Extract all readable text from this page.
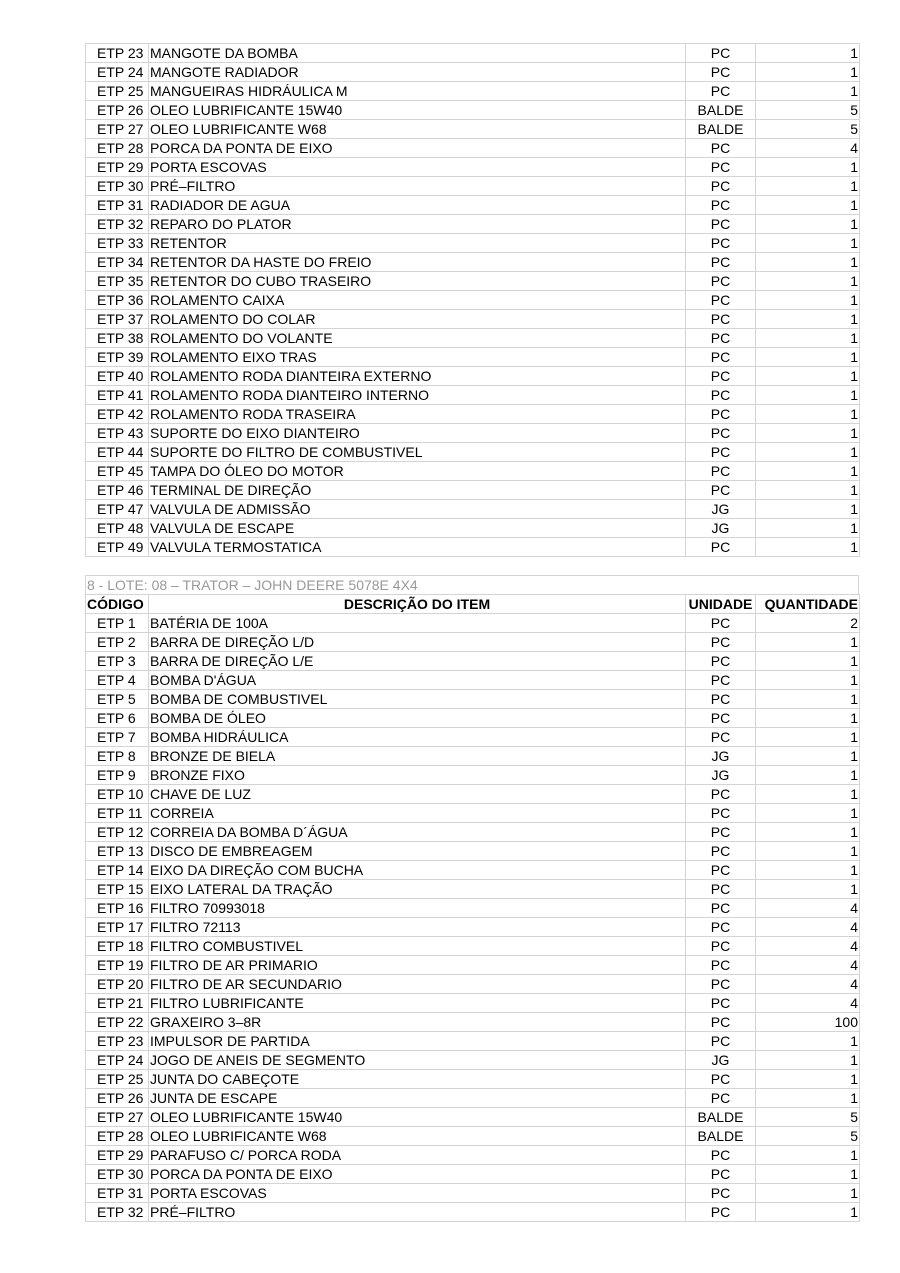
ETP 23	MANGOTE DA BOMBA	PC	1
ETP 24	MANGOTE RADIADOR	PC	1
ETP 25	MANGUEIRAS HIDRÁULICA M	PC	1
ETP 26	OLEO LUBRIFICANTE 15W40	BALDE	5
ETP 27	OLEO LUBRIFICANTE W68	BALDE	5
ETP 28	PORCA DA PONTA DE EIXO	PC	4
ETP 29	PORTA ESCOVAS	PC	1
ETP 30	PRÉ–FILTRO	PC	1
ETP 31	RADIADOR DE AGUA	PC	1
ETP 32	REPARO DO PLATOR	PC	1
ETP 33	RETENTOR	PC	1
ETP 34	RETENTOR DA HASTE DO FREIO	PC	1
ETP 35	RETENTOR DO CUBO TRASEIRO	PC	1
ETP 36	ROLAMENTO CAIXA	PC	1
ETP 37	ROLAMENTO DO COLAR	PC	1
ETP 38	ROLAMENTO DO VOLANTE	PC	1
ETP 39	ROLAMENTO EIXO TRAS	PC	1
ETP 40	ROLAMENTO RODA DIANTEIRA EXTERNO	PC	1
ETP 41	ROLAMENTO RODA DIANTEIRO INTERNO	PC	1
ETP 42	ROLAMENTO RODA TRASEIRA	PC	1
ETP 43	SUPORTE DO EIXO DIANTEIRO	PC	1
ETP 44	SUPORTE DO FILTRO DE COMBUSTIVEL	PC	1
ETP 45	TAMPA DO ÓLEO DO MOTOR	PC	1
ETP 46	TERMINAL DE DIREÇÃO	PC	1
ETP 47	VALVULA DE ADMISSÃO	JG	1
ETP 48	VALVULA DE ESCAPE	JG	1
ETP 49	VALVULA TERMOSTATICA	PC	1
8 - LOTE: 08 – TRATOR – JOHN DEERE 5078E 4X4
CÓDIGO	DESCRIÇÃO DO ITEM	UNIDADE	QUANTIDADE
ETP 1	BATÉRIA DE 100A	PC	2
ETP 2	BARRA DE DIREÇÃO L/D	PC	1
ETP 3	BARRA DE DIREÇÃO L/E	PC	1
ETP 4	BOMBA D'ÁGUA	PC	1
ETP 5	BOMBA DE COMBUSTIVEL	PC	1
ETP 6	BOMBA DE ÓLEO	PC	1
ETP 7	BOMBA HIDRÁULICA	PC	1
ETP 8	BRONZE DE BIELA	JG	1
ETP 9	BRONZE FIXO	JG	1
ETP 10	CHAVE DE LUZ	PC	1
ETP 11	CORREIA	PC	1
ETP 12	CORREIA DA BOMBA D´ÁGUA	PC	1
ETP 13	DISCO DE EMBREAGEM	PC	1
ETP 14	EIXO DA DIREÇÃO COM BUCHA	PC	1
ETP 15	EIXO LATERAL DA TRAÇÃO	PC	1
ETP 16	FILTRO 70993018	PC	4
ETP 17	FILTRO 72113	PC	4
ETP 18	FILTRO COMBUSTIVEL	PC	4
ETP 19	FILTRO DE AR PRIMARIO	PC	4
ETP 20	FILTRO DE AR SECUNDARIO	PC	4
ETP 21	FILTRO LUBRIFICANTE	PC	4
ETP 22	GRAXEIRO 3–8R	PC	100
ETP 23	IMPULSOR DE PARTIDA	PC	1
ETP 24	JOGO DE ANEIS DE SEGMENTO	JG	1
ETP 25	JUNTA DO CABEÇOTE	PC	1
ETP 26	JUNTA DE ESCAPE	PC	1
ETP 27	OLEO LUBRIFICANTE 15W40	BALDE	5
ETP 28	OLEO LUBRIFICANTE W68	BALDE	5
ETP 29	PARAFUSO C/ PORCA RODA	PC	1
ETP 30	PORCA DA PONTA DE EIXO	PC	1
ETP 31	PORTA ESCOVAS	PC	1
ETP 32	PRÉ–FILTRO	PC	1
